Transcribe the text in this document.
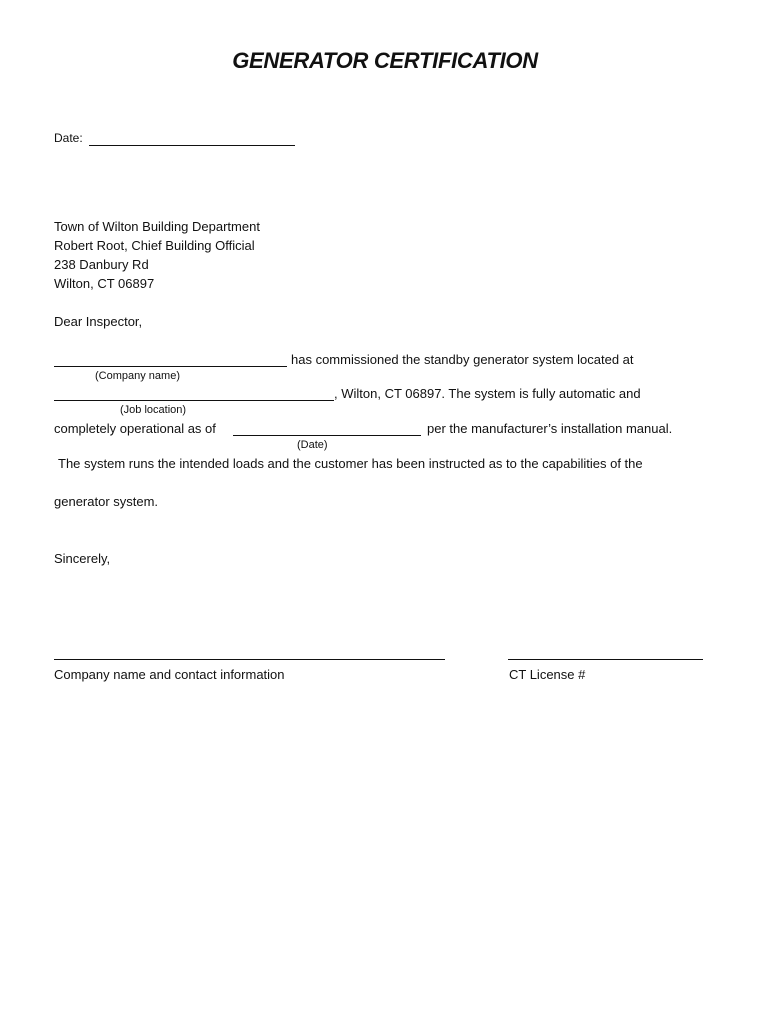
GENERATOR CERTIFICATION
Date:
Town of Wilton Building Department
Robert Root, Chief Building Official
238 Danbury Rd
Wilton, CT 06897
Dear Inspector,
has commissioned the standby generator system located at
(Company name)
, Wilton, CT 06897. The system is fully automatic and
(Job location)
completely operational as of	per the manufacturer’s installation manual.
(Date)
The system runs the intended loads and the customer has been instructed as to the capabilities of the
generator system.
Sincerely,
Company name and contact information	CT License #
